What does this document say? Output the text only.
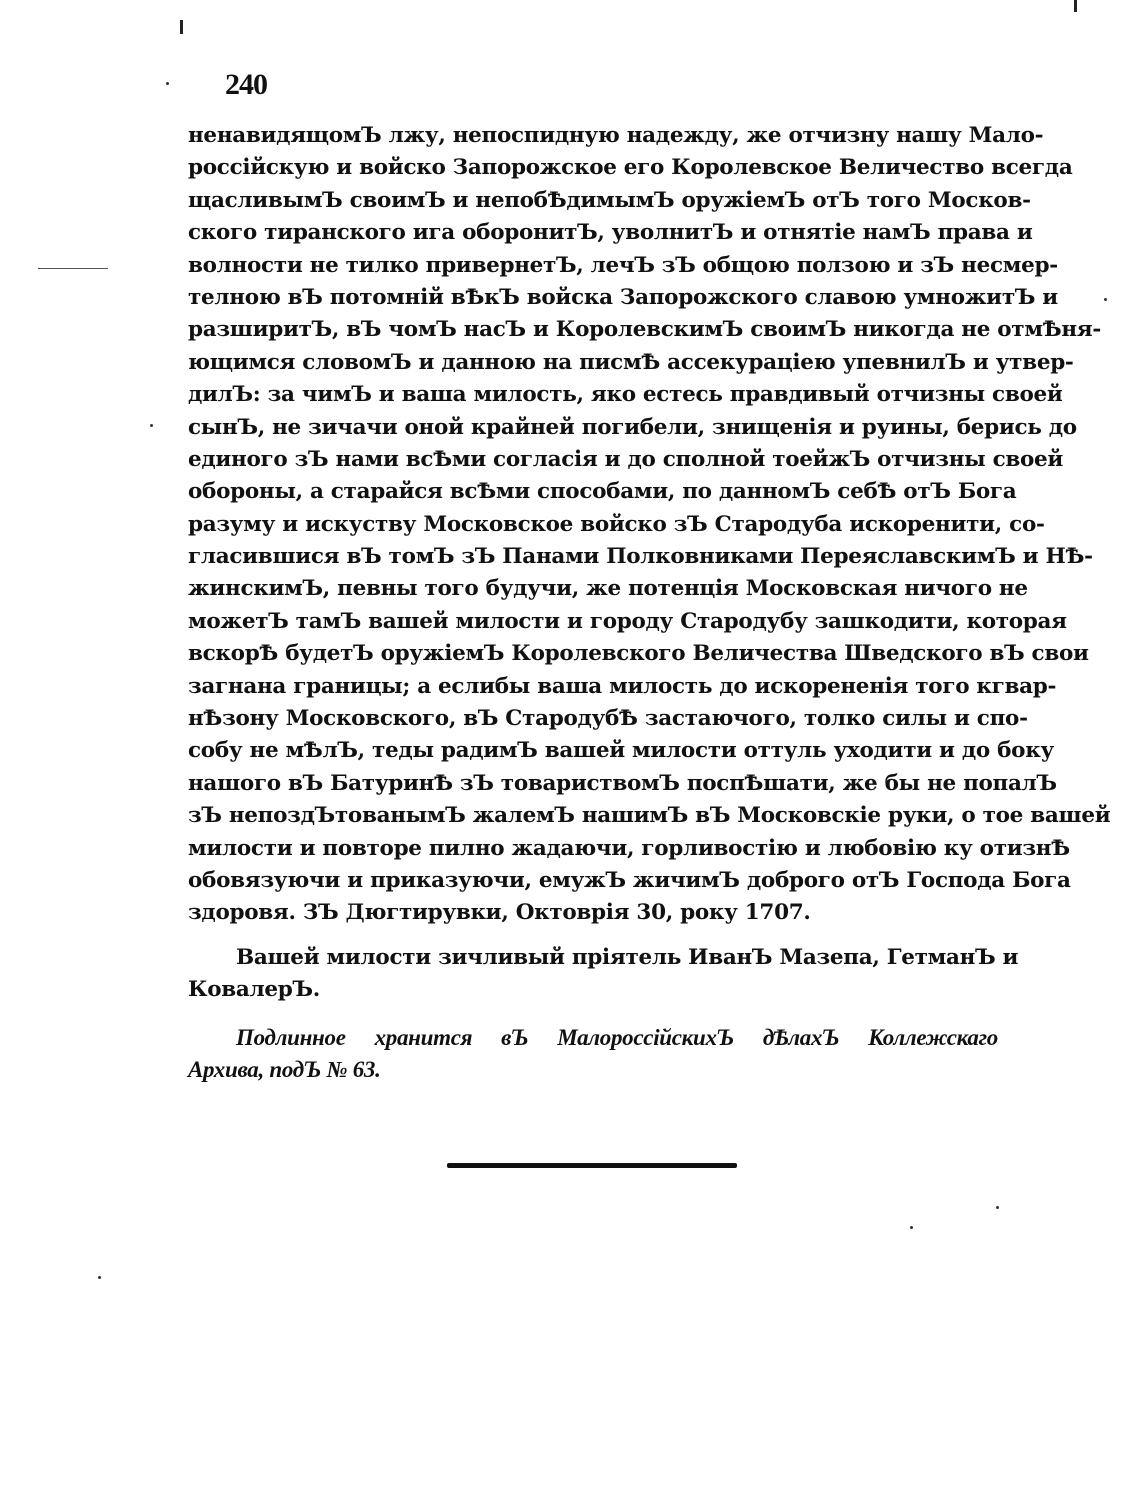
240
ненавидящомЪ лжу, непоспидную надежду, же отчизну нашу Мало-
россійскую и войско Запорожское его Королевское Величество всегда
щасливымЪ своимЪ и непобѢдимымЪ оружіемЪ отЪ того Москов-
ского тиранского ига оборонитЪ, уволнитЪ и отнятіе намЪ права и
волности не тилко привернетЪ, лечЪ зЪ общою ползою и зЪ несмер-
телною вЪ потомній вѢкЪ войска Запорожского славою умножитЪ и
разширитЪ, вЪ чомЪ насЪ и КоролевскимЪ своимЪ никогда не отмѢня-
ющимся словомЪ и данною на писмѢ ассекураціею упевнилЪ и утвер-
дилЪ: за чимЪ и ваша милость, яко естесь правдивый отчизны своей
сынЪ, не зичачи оной крайней погибели, знищенія и руины, берись до
единого зЪ нами всѢми согласія и до сполной тоейжЪ отчизны своей
обороны, а старайся всѢми способами, по данномЪ себѢ отЪ Бога
разуму и искуству Московское войско зЪ Стародуба искоренити, со-
гласившися вЪ томЪ зЪ Панами Полковниками ПереяславскимЪ и НѢ-
жинскимЪ, певны того будучи, же потенція Московская ничого не
можетЪ тамЪ вашей милости и городу Стародубу зашкодити, которая
вскорѢ будетЪ оружіемЪ Королевского Величества Шведского вЪ свои
загнана границы; а еслибы ваша милость до искорененія того кгвар-
нѢзону Московского, вЪ СтародубѢ застаючого, толко силы и спо-
собу не мѢлЪ, теды радимЪ вашей милости оттуль уходити и до боку
нашого вЪ БатуринѢ зЪ товариствомЪ поспѢшати, же бы не попалЪ
зЪ непоздЪтованымЪ жалемЪ нашимЪ вЪ Московскіе руки, о тое вашей
милости и повторе пилно жадаючи, горливостію и любовію ку отизнѢ
обовязуючи и приказуючи, емужЪ жичимЪ доброго отЪ Господа Бога
здоровя. ЗЪ Дюгтирувки, Октоврія 30, року 1707.
Вашей милости зичливый пріятель ИванЪ Мазепа, ГетманЪ и
КовалерЪ.
Подлинное хранится вЪ МалороссійскихЪ дѢлахЪ Коллежскаго
Архива, подЪ № 63.
